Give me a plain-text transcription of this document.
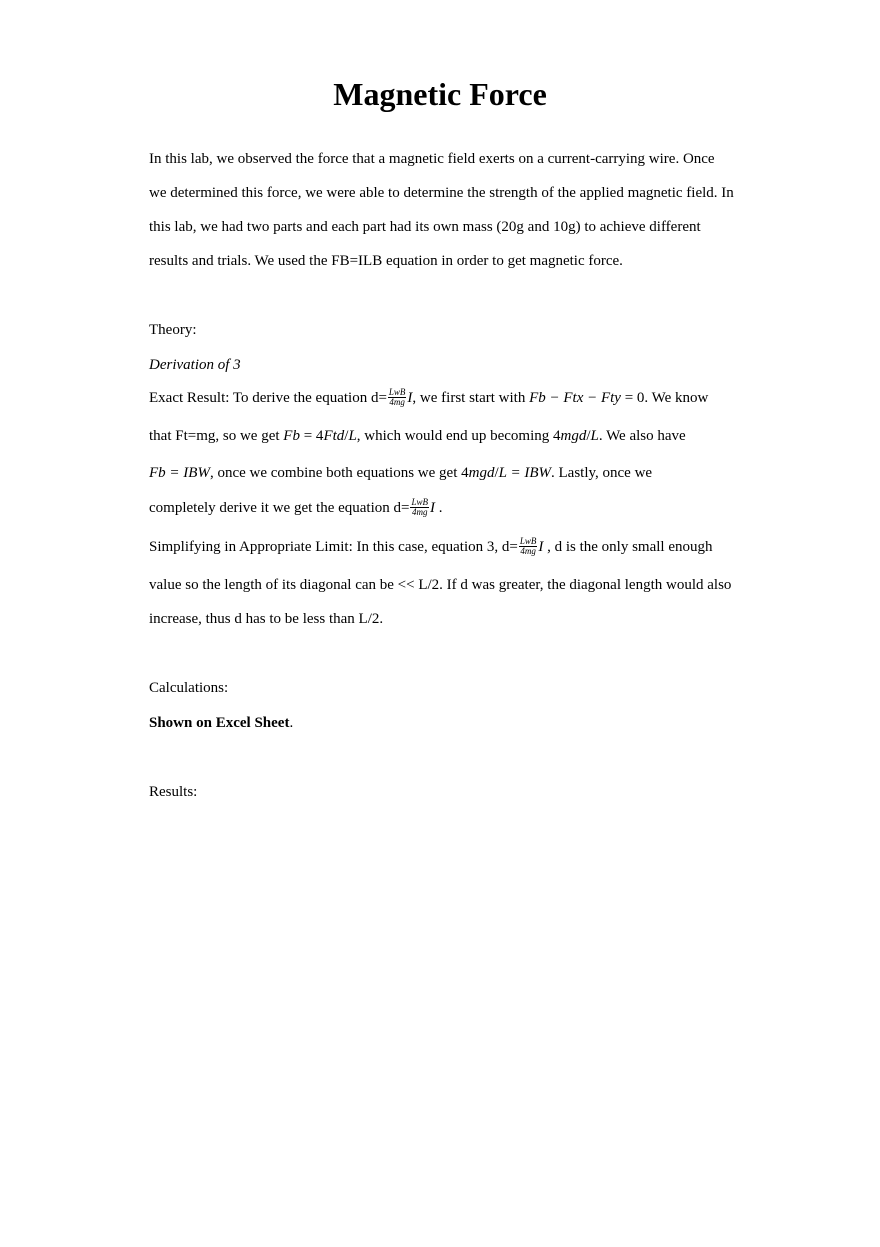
Magnetic Force
In this lab, we observed the force that a magnetic field exerts on a current-carrying wire. Once
we determined this force, we were able to determine the strength of the applied magnetic field. In
this lab, we had two parts and each part had its own mass (20g and 10g) to achieve different
results and trials. We used the FB=ILB equation in order to get magnetic force.
Theory:
Derivation of 3
Exact Result: To derive the equation $d= \frac{\text{LwB}}{4mg} I$, we first start with Fb − Ftx − Fty = 0. We know
that Ft=mg, so we get Fb = 4Ftd/L, which would end up becoming 4mgd/L. We also have
Fb = IBW, once we combine both equations we get 4mgd/L = IBW. Lastly, once we
completely derive it we get the equation $d= \frac{\text{LwB}}{4mg}$ I .
Simplifying in Appropriate Limit: In this case, equation 3, $d= \frac{\text{LwB}}{4mg}$ I , d is the only small enough
value so the length of its diagonal can be << L/2. If d was greater, the diagonal length would also
increase, thus d has to be less than L/2.
Calculations:
Shown on Excel Sheet.
Results:
